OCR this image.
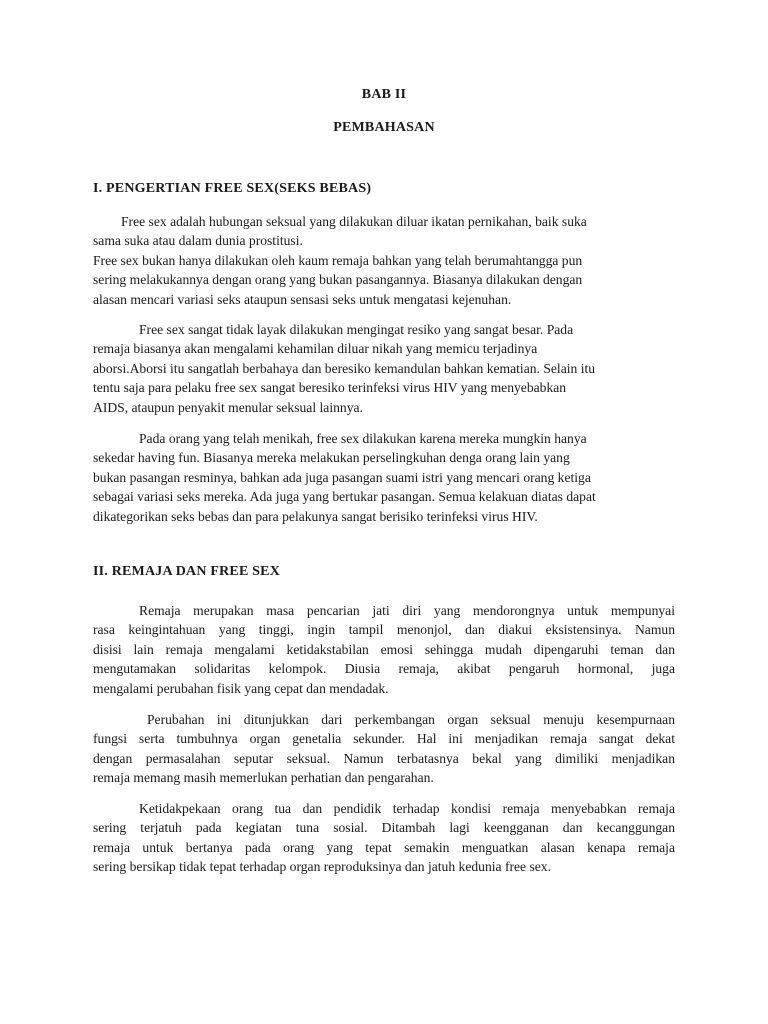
BAB II
PEMBAHASAN
I. PENGERTIAN FREE SEX(SEKS BEBAS)
Free sex adalah hubungan seksual yang dilakukan diluar ikatan pernikahan, baik suka
sama suka atau dalam dunia prostitusi.
Free sex bukan hanya dilakukan oleh kaum remaja bahkan yang telah berumahtangga pun
sering melakukannya dengan orang yang bukan pasangannya. Biasanya dilakukan dengan
alasan mencari variasi seks ataupun sensasi seks untuk mengatasi kejenuhan.
Free sex sangat tidak layak dilakukan mengingat resiko yang sangat besar. Pada
remaja biasanya akan mengalami kehamilan diluar nikah yang memicu terjadinya
aborsi.Aborsi itu sangatlah berbahaya dan beresiko kemandulan bahkan kematian. Selain itu
tentu saja para pelaku free sex sangat beresiko terinfeksi virus HIV yang menyebabkan
AIDS, ataupun penyakit menular seksual lainnya.
Pada orang yang telah menikah, free sex dilakukan karena mereka mungkin hanya
sekedar having fun. Biasanya mereka melakukan perselingkuhan denga orang lain yang
bukan pasangan resminya, bahkan ada juga pasangan suami istri yang mencari orang ketiga
sebagai variasi seks mereka. Ada juga yang bertukar pasangan. Semua kelakuan diatas dapat
dikategorikan seks bebas dan para pelakunya sangat berisiko terinfeksi virus HIV.
II. REMAJA DAN FREE SEX
Remaja merupakan masa pencarian jati diri yang mendorongnya untuk mempunyai
rasa keingintahuan yang tinggi, ingin tampil menonjol, dan diakui eksistensinya. Namun
disisi lain remaja mengalami ketidakstabilan emosi sehingga mudah dipengaruhi teman dan
mengutamakan solidaritas kelompok. Diusia remaja, akibat pengaruh hormonal, juga
mengalami perubahan fisik yang cepat dan mendadak.
Perubahan ini ditunjukkan dari perkembangan organ seksual menuju kesempurnaan
fungsi serta tumbuhnya organ genetalia sekunder. Hal ini menjadikan remaja sangat dekat
dengan permasalahan seputar seksual. Namun terbatasnya bekal yang dimiliki menjadikan
remaja memang masih memerlukan perhatian dan pengarahan.
Ketidakpekaan orang tua dan pendidik terhadap kondisi remaja menyebabkan remaja
sering terjatuh pada kegiatan tuna sosial. Ditambah lagi keengganan dan kecanggungan
remaja untuk bertanya pada orang yang tepat semakin menguatkan alasan kenapa remaja
sering bersikap tidak tepat terhadap organ reproduksinya dan jatuh kedunia free sex.
